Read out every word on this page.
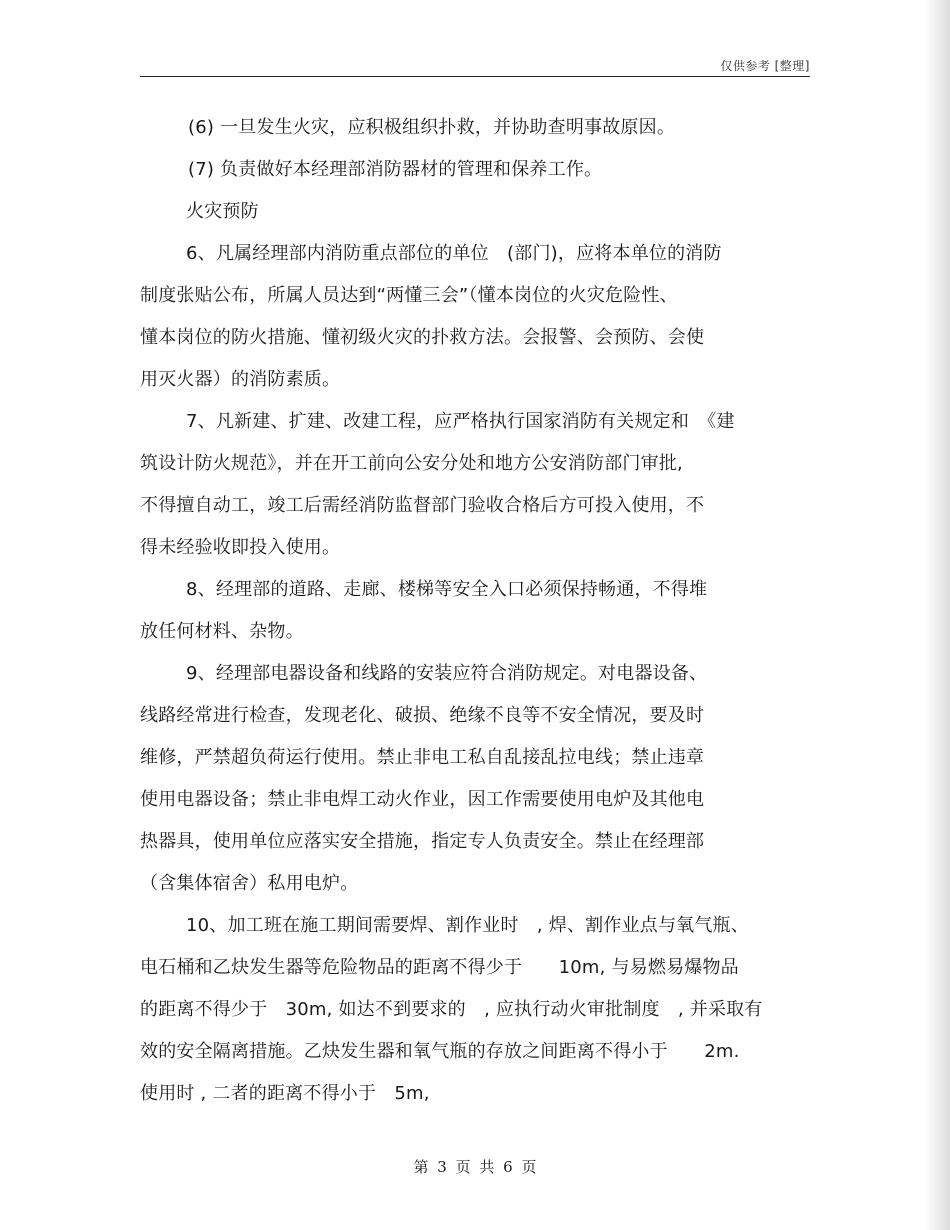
仅供参考 [整理]
(6) 一旦发生火灾，应积极组织扑救，并协助查明事故原因。
(7) 负责做好本经理部消防器材的管理和保养工作。
火灾预防
6、凡属经理部内消防重点部位的单位　(部门)，应将本单位的消防
制度张贴公布，所属人员达到“两懂三会”（懂本岗位的火灾危险性、
懂本岗位的防火措施、懂初级火灾的扑救方法。会报警、会预防、会使
用灭火器）的消防素质。
7、凡新建、扩建、改建工程，应严格执行国家消防有关规定和　《建
筑设计防火规范》，并在开工前向公安分处和地方公安消防部门审批,
不得擅自动工，竣工后需经消防监督部门验收合格后方可投入使用，不
得未经验收即投入使用。
8、经理部的道路、走廊、楼梯等安全入口必须保持畅通，不得堆
放任何材料、杂物。
9、经理部电器设备和线路的安装应符合消防规定。对电器设备、
线路经常进行检查，发现老化、破损、绝缘不良等不安全情况，要及时
维修，严禁超负荷运行使用。禁止非电工私自乱接乱拉电线；禁止违章
使用电器设备；禁止非电焊工动火作业，因工作需要使用电炉及其他电
热器具，使用单位应落实安全措施，指定专人负责安全。禁止在经理部
（含集体宿舍）私用电炉。
10、加工班在施工期间需要焊、割作业时　, 焊、割作业点与氧气瓶、
电石桶和乙炔发生器等危险物品的距离不得少于　　10m, 与易燃易爆物品
的距离不得少于　30m, 如达不到要求的　, 应执行动火审批制度　, 并采取有
效的安全隔离措施。乙炔发生器和氧气瓶的存放之间距离不得小于　　2m.
使用时 , 二者的距离不得小于　5m,
第 3 页 共 6 页
